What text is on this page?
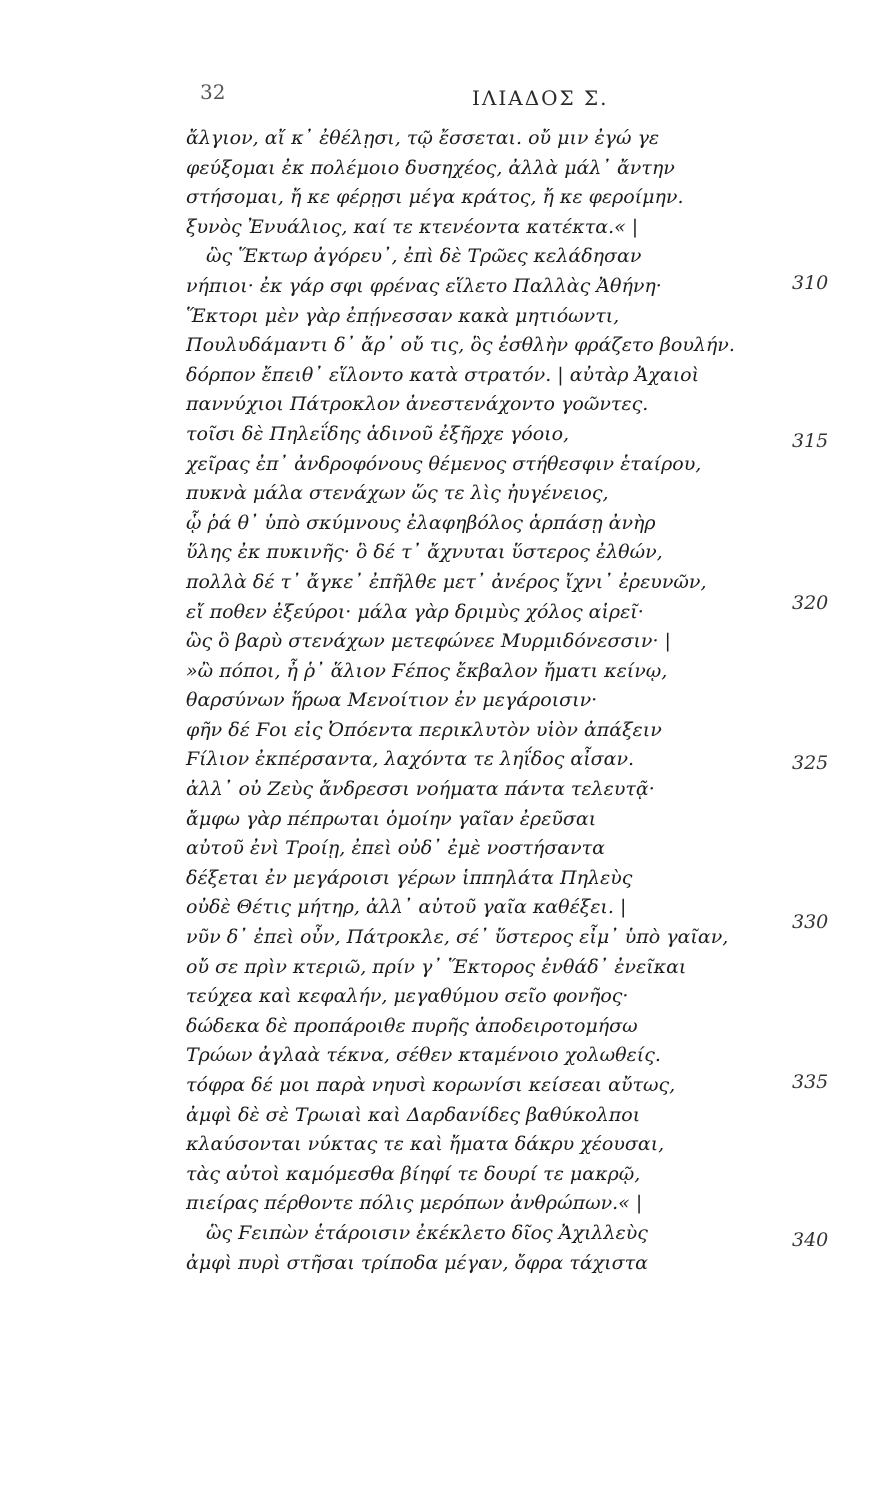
32	ΙΛΙΑΔΟΣ Σ.
ἄλγιον, αἴ κ᾽ ἐθέλῃσι, τῷ ἔσσεται. οὔ μιν ἐγώ γε
φεύξομαι ἐκ πολέμοιο δυσηχέος, ἀλλὰ μάλ᾽ ἄντην
στήσομαι, ἤ κε φέρῃσι μέγα κράτος, ἤ κε φεροίμην.
ξυνὸς Ἐνυάλιος, καί τε κτενέοντα κατέκτα.« |
ὣς Ἕκτωρ ἀγόρευ᾽, ἐπὶ δὲ Τρῶες κελάδησαν
νήπιοι· ἐκ γάρ σφι φρένας εἵλετο Παλλὰς Ἀθήνη·
Ἕκτορι μὲν γὰρ ἐπῄνεσσαν κακὰ μητιόωντι,
Πουλυδάμαντι δ᾽ ἄρ᾽ οὔ τις, ὃς ἐσθλὴν φράζετο βουλήν.
δόρπον ἔπειθ᾽ εἵλοντο κατὰ στρατόν. | αὐτὰρ Ἀχαιοὶ
παννύχιοι Πάτροκλον ἀνεστενάχοντο γοῶντες.
τοῖσι δὲ Πηλεΐδης ἁδινοῦ ἐξῆρχε γόοιο,
χεῖρας ἐπ᾽ ἀνδροφόνους θέμενος στήθεσφιν ἑταίρου,
πυκνὰ μάλα στενάχων ὥς τε λὶς ἠυγένειος,
ᾧ ῥά θ᾽ ὑπὸ σκύμνους ἐλαφηβόλος ἁρπάσῃ ἀνὴρ
ὕλης ἐκ πυκινῆς· ὃ δέ τ᾽ ἄχνυται ὕστερος ἐλθών,
πολλὰ δέ τ᾽ ἄγκε᾽ ἐπῆλθε μετ᾽ ἀνέρος ἴχνι᾽ ἐρευνῶν,
εἴ ποθεν ἐξεύροι· μάλα γὰρ δριμὺς χόλος αἱρεῖ·
ὣς ὃ βαρὺ στενάχων μετεφώνεε Μυρμιδόνεσσιν· |
»ὢ πόποι, ἦ ῥ᾽ ἅλιον Ϝέπος ἔκβαλον ἤματι κείνῳ,
θαρσύνων ἥρωα Μενοίτιον ἐν μεγάροισιν·
φῆν δέ Ϝοι εἰς Ὀπόεντα περικλυτὸν υἱὸν ἀπάξειν
Ϝίλιον ἐκπέρσαντα, λαχόντα τε ληΐδος αἶσαν.
ἀλλ᾽ οὐ Ζεὺς ἄνδρεσσι νοήματα πάντα τελευτᾷ·
ἄμφω γὰρ πέπρωται ὁμοίην γαῖαν ἐρεῦσαι
αὐτοῦ ἐνὶ Τροίῃ, ἐπεὶ οὐδ᾽ ἐμὲ νοστήσαντα
δέξεται ἐν μεγάροισι γέρων ἱππηλάτα Πηλεὺς
οὐδὲ Θέτις μήτηρ, ἀλλ᾽ αὐτοῦ γαῖα καθέξει. |
νῦν δ᾽ ἐπεὶ οὖν, Πάτροκλε, σέ᾽ ὕστερος εἶμ᾽ ὑπὸ γαῖαν,
οὔ σε πρὶν κτεριῶ, πρίν γ᾽ Ἕκτορος ἐνθάδ᾽ ἐνεῖκαι
τεύχεα καὶ κεφαλήν, μεγαθύμου σεῖο φονῆος·
δώδεκα δὲ προπάροιθε πυρῆς ἀποδειροτομήσω
Τρώων ἀγλαὰ τέκνα, σέθεν κταμένοιο χολωθείς.
τόφρα δέ μοι παρὰ νηυσὶ κορωνίσι κείσεαι αὔτως,
ἀμφὶ δὲ σὲ Τρωιαὶ καὶ Δαρδανίδες βαθύκολποι
κλαύσονται νύκτας τε καὶ ἤματα δάκρυ χέουσαι,
τὰς αὐτοὶ καμόμεσθα βίηφί τε δουρί τε μακρῷ,
πιείρας πέρθοντε πόλις μερόπων ἀνθρώπων.« |
ὣς Ϝειπὼν ἑτάροισιν ἐκέκλετο δῖος Ἀχιλλεὺς
ἀμφὶ πυρὶ στῆσαι τρίποδα μέγαν, ὄφρα τάχιστα
310
315
320
325
330
335
340
